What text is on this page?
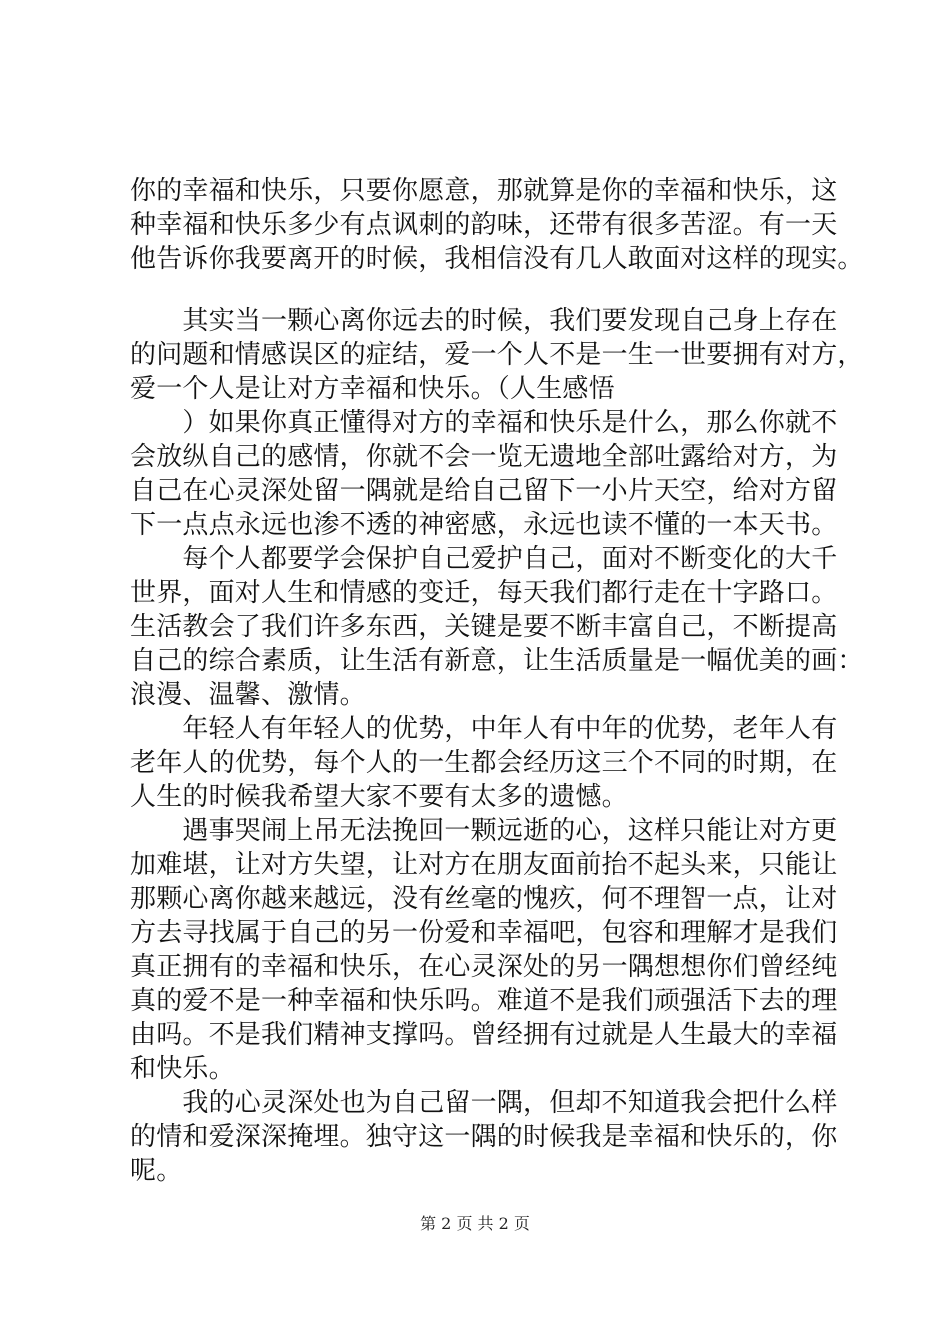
你的幸福和快乐，只要你愿意，那就算是你的幸福和快乐，这
种幸福和快乐多少有点讽刺的韵味，还带有很多苦涩。有一天
他告诉你我要离开的时候，我相信没有几人敢面对这样的现实。
　　其实当一颗心离你远去的时候，我们要发现自己身上存在
的问题和情感误区的症结，爱一个人不是一生一世要拥有对方，
爱一个人是让对方幸福和快乐。（人生感悟
　　）如果你真正懂得对方的幸福和快乐是什么，那么你就不
会放纵自己的感情，你就不会一览无遗地全部吐露给对方，为
自己在心灵深处留一隅就是给自己留下一小片天空，给对方留
下一点点永远也渗不透的神密感，永远也读不懂的一本天书。
　　每个人都要学会保护自己爱护自己，面对不断变化的大千
世界，面对人生和情感的变迁，每天我们都行走在十字路口。
生活教会了我们许多东西，关键是要不断丰富自己，不断提高
自己的综合素质，让生活有新意，让生活质量是一幅优美的画：
浪漫、温馨、激情。
　　年轻人有年轻人的优势，中年人有中年的优势，老年人有
老年人的优势，每个人的一生都会经历这三个不同的时期，在
人生的时候我希望大家不要有太多的遗憾。
　　遇事哭闹上吊无法挽回一颗远逝的心，这样只能让对方更
加难堪，让对方失望，让对方在朋友面前抬不起头来，只能让
那颗心离你越来越远，没有丝毫的愧疚，何不理智一点，让对
方去寻找属于自己的另一份爱和幸福吧，包容和理解才是我们
真正拥有的幸福和快乐，在心灵深处的另一隅想想你们曾经纯
真的爱不是一种幸福和快乐吗。难道不是我们顽强活下去的理
由吗。不是我们精神支撑吗。曾经拥有过就是人生最大的幸福
和快乐。
　　我的心灵深处也为自己留一隅，但却不知道我会把什么样
的情和爱深深掩埋。独守这一隅的时候我是幸福和快乐的，你
呢。
第 2 页 共 2 页
